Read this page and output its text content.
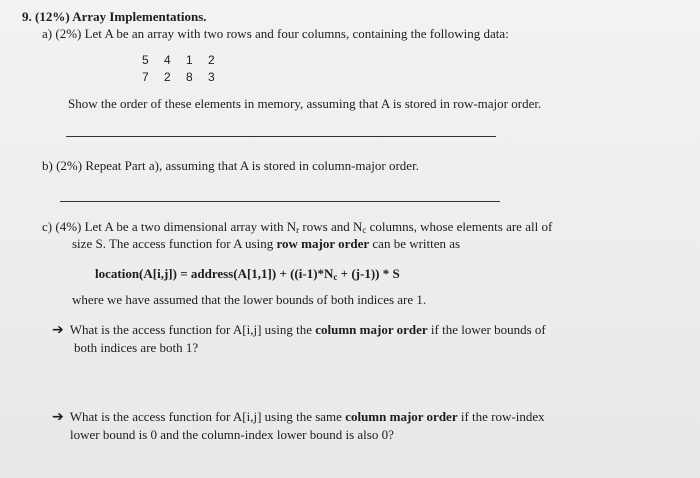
9. (12%) Array Implementations.
a) (2%) Let A be an array with two rows and four columns, containing the following data:
5 4 1 2
7 2 8 3
Show the order of these elements in memory, assuming that A is stored in row-major order.
b) (2%) Repeat Part a), assuming that A is stored in column-major order.
c) (4%) Let A be a two dimensional array with $N_r$ rows and $N_c$ columns, whose elements are all of
size S. The access function for A using row major order can be written as
location(A[i,j]) = address(A[1,1]) + $((i-1)*N_c + (j-1)) * S$
where we have assumed that the lower bounds of both indices are 1.
➔ What is the access function for A[i,j] using the column major order if the lower bounds of
both indices are both 1?
➔ What is the access function for A[i,j] using the same column major order if the row-index
lower bound is 0 and the column-index lower bound is also 0?
